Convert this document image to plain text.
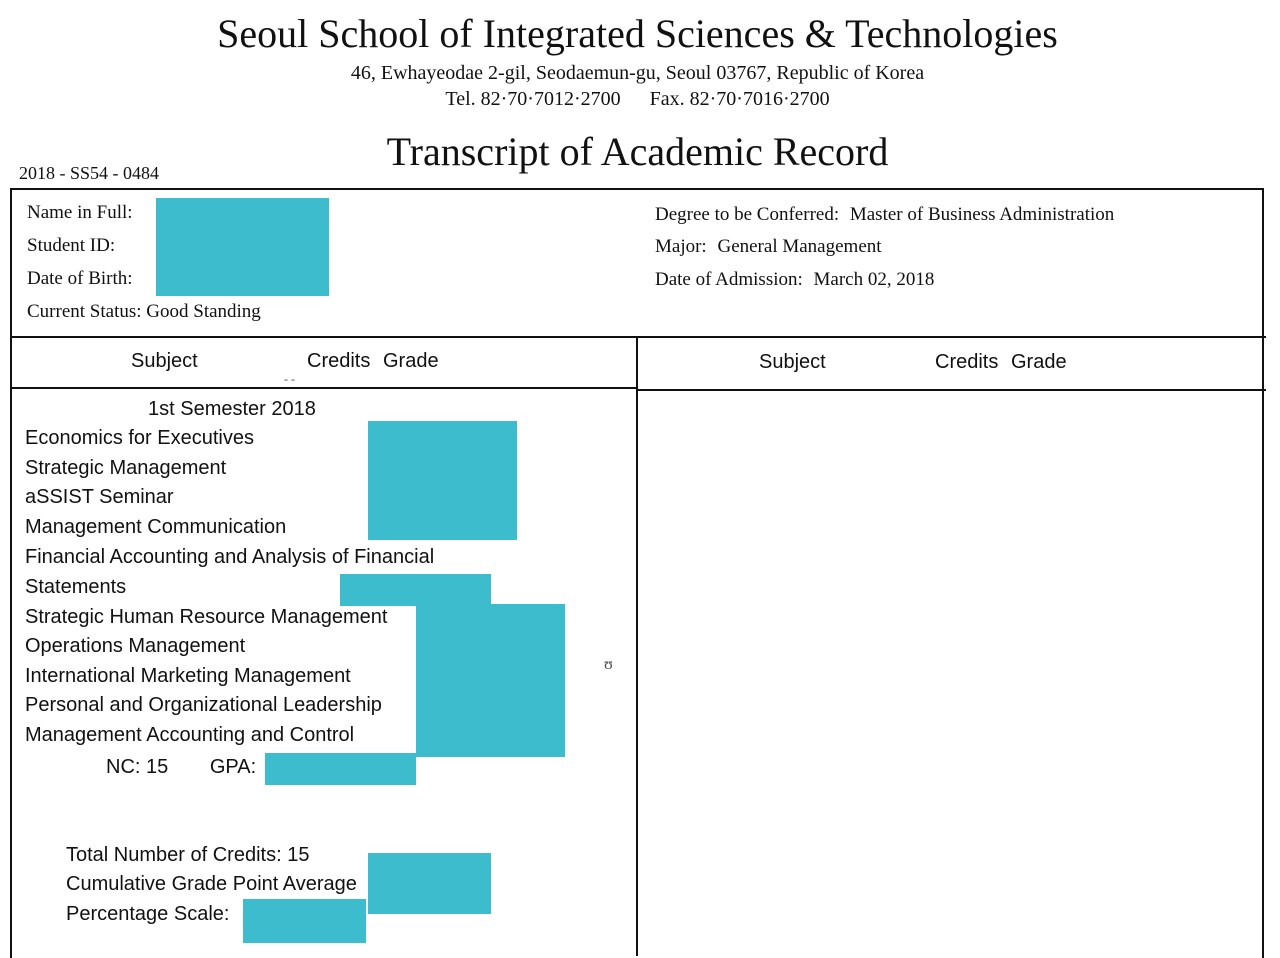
Seoul School of Integrated Sciences & Technologies
46, Ewhayeodae 2-gil, Seodaemun-gu, Seoul 03767, Republic of Korea
Tel. 82·70·7012·2700 Fax. 82·70·7016·2700
Transcript of Academic Record
2018 - SS54 - 0484
Name in Full:
Student ID:
Date of Birth:
Current Status: Good Standing
Degree to be Conferred: Master of Business Administration
Major: General Management
Date of Admission: March 02, 2018
Subject	Credits Grade	Subject	Credits Grade
1st Semester 2018
Economics for Executives
Strategic Management
aSSIST Seminar
Management Communication
Financial Accounting and Analysis of Financial
Statements
Strategic Human Resource Management
Operations Management
International Marketing Management
Personal and Organizational Leadership
Management Accounting and Control
NC: 15 GPA:
Total Number of Credits: 15
Cumulative Grade Point Average
Percentage Scale:
ʊ
- -
